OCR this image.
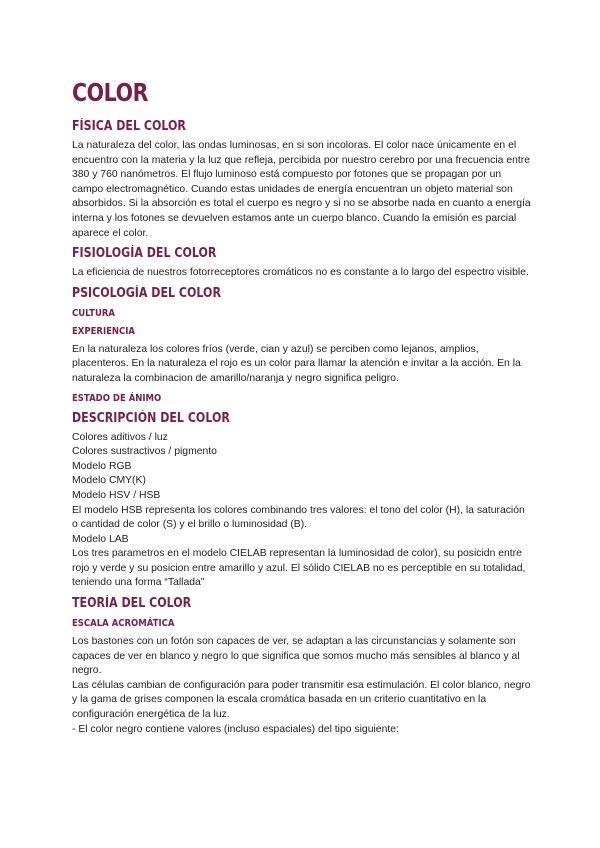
COLOR
FÍSICA DEL COLOR

La naturaleza del color, las ondas luminosas, en si son incoloras. El color nace únicamente en el encuentro con la materia y la luz que refleja, percibida por nuestro cerebro por una frecuencia entre 380 y 760 nanómetros. El flujo luminoso está compuesto por fotones que se propagan por un campo electromagnético. Cuando estas unidades de energía encuentran un objeto material son absorbidos. Si la absorción es total el cuerpo es negro y si no se absorbe nada en cuanto a energía interna y los fotones se devuelven estamos ante un cuerpo blanco. Cuando la emisión es parcial aparece el color.

FISIOLOGÍA DEL COLOR

La eficiencia de nuestros fotorreceptores cromáticos no es constante a lo largo del espectro visible.

PSICOLOGÍA DEL COLOR
CULTURA
EXPERIENCIA

En la naturaleza los colores fríos (verde, cian y azul) se perciben como lejanos, amplios, placenteros. En la naturaleza el rojo es un color para llamar la atención e invitar a la acción. En la naturaleza la combinacion de amarillo/naranja y negro significa peligro.

ESTADO DE ÁNIMO
DESCRIPCIÓN DEL COLOR

Colores aditivos / luz

Colores sustractivos / pigmento

Modelo RGB

Modelo CMY(K)

Modelo HSV / HSB

El modelo HSB representa los colores combinando tres valores: el tono del color (H), la saturación o cantidad de color (S) y el brillo o luminosidad (B).

Modelo LAB

Los tres parametros en el modelo CIELAB representan la luminosidad de color), su posicidn entre rojo y verde y su posicion entre amarillo y azul. El sólido CIELAB no es perceptible en su totalidad, teniendo una forma “Tallada”

TEORÍA DEL COLOR
ESCALA ACROMÁTICA

Los bastones con un fotón son capaces de ver, se adaptan a las circunstancias y solamente son capaces de ver en blanco y negro lo que significa que somos mucho más sensibles al blanco y al negro.

Las células cambian de configuración para poder transmitir esa estimulación. El color blanco, negro y la gama de grises componen la escala cromática basada en un criterio cuantitativo en la configuración energética de la luz.

- El color negro contiene valores (incluso espaciales) del tipo siguiente:
